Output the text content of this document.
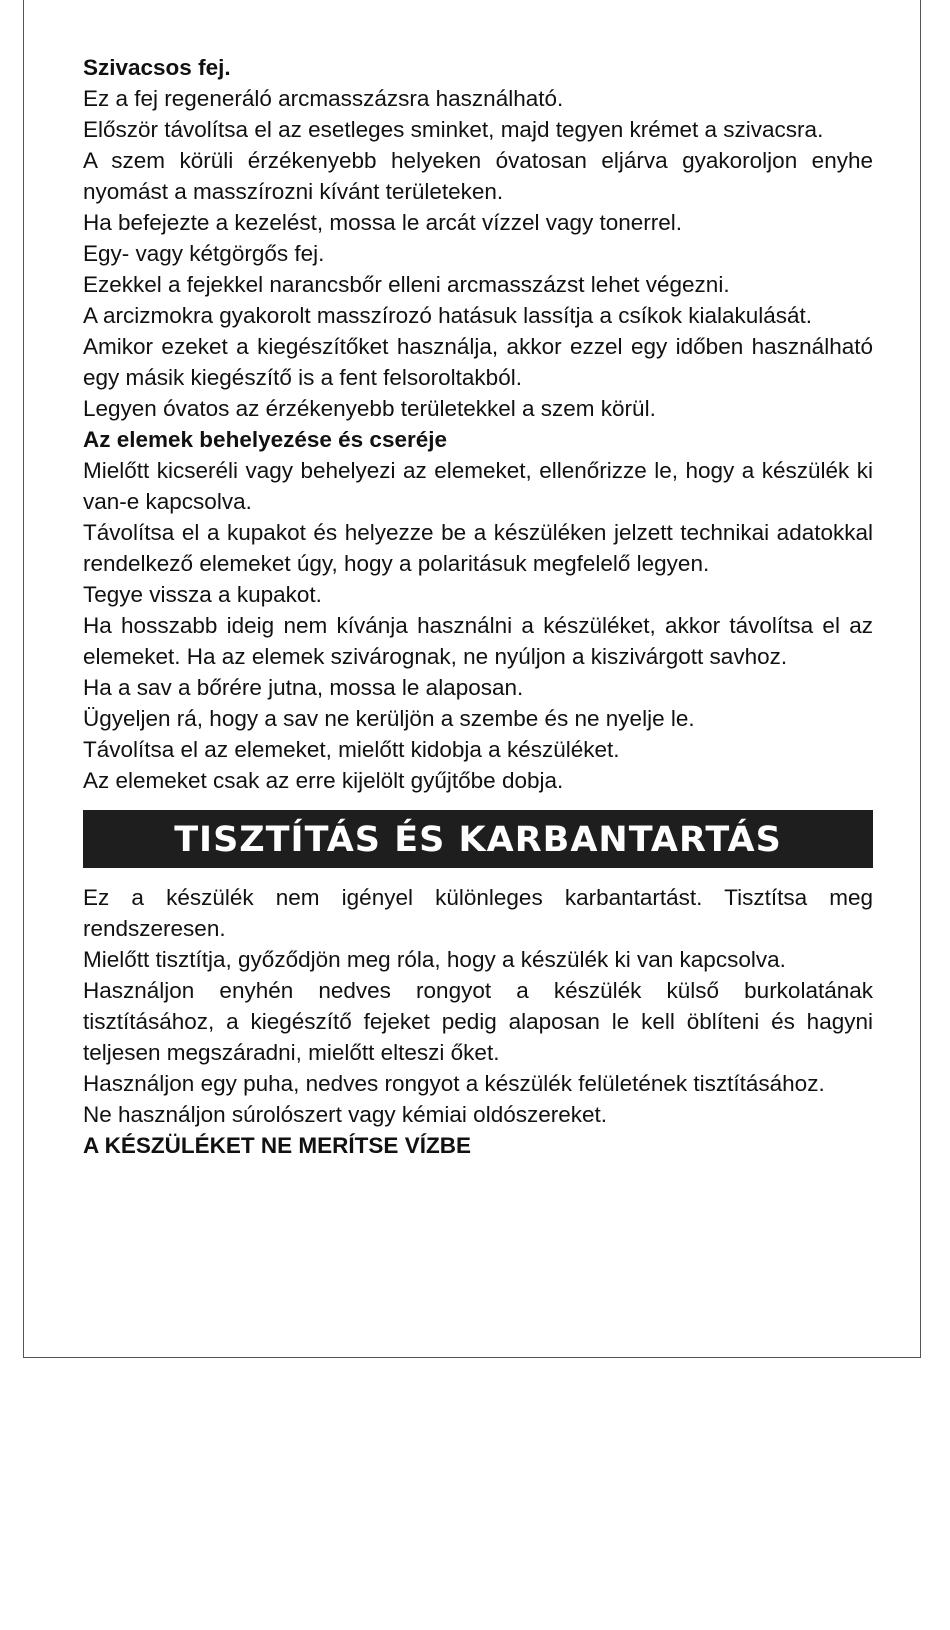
Szivacsos fej.

Ez a fej regeneráló arcmasszázsra használható.

Először távolítsa el az esetleges sminket, majd tegyen krémet a szivacsra.

A szem körüli érzékenyebb helyeken óvatosan eljárva gyakoroljon enyhe nyomást a masszírozni kívánt területeken.

Ha befejezte a kezelést, mossa le arcát vízzel vagy tonerrel.

Egy- vagy kétgörgős fej.

Ezekkel a fejekkel narancsbőr elleni arcmasszázst lehet végezni.

A arcizmokra gyakorolt masszírozó hatásuk lassítja a csíkok kialakulását.

Amikor ezeket a kiegészítőket használja, akkor ezzel egy időben használható egy másik kiegészítő is a fent felsoroltakból.

Legyen óvatos az érzékenyebb területekkel a szem körül.

Az elemek behelyezése és cseréje

Mielőtt kicseréli vagy behelyezi az elemeket, ellenőrizze le, hogy a készülék ki van-e kapcsolva.

Távolítsa el a kupakot és helyezze be a készüléken jelzett technikai adatokkal rendelkező elemeket úgy, hogy a polaritásuk megfelelő legyen.

Tegye vissza a kupakot.

Ha hosszabb ideig nem kívánja használni a készüléket, akkor távolítsa el az elemeket. Ha az elemek szivárognak, ne nyúljon a kiszivárgott savhoz.

Ha a sav a bőrére jutna, mossa le alaposan.

Ügyeljen rá, hogy a sav ne kerüljön a szembe és ne nyelje le.

Távolítsa el az elemeket, mielőtt kidobja a készüléket.

Az elemeket csak az erre kijelölt gyűjtőbe dobja.

TISZTÍTÁS ÉS KARBANTARTÁS

Ez a készülék nem igényel különleges karbantartást. Tisztítsa meg rendszeresen.

Mielőtt tisztítja, győződjön meg róla, hogy a készülék ki van kapcsolva.

Használjon enyhén nedves rongyot a készülék külső burkolatának tisztításához, a kiegészítő fejeket pedig alaposan le kell öblíteni és hagyni teljesen megszáradni, mielőtt elteszi őket.

Használjon egy puha, nedves rongyot a készülék felületének tisztításához.

Ne használjon súrolószert vagy kémiai oldószereket.

A KÉSZÜLÉKET NE MERÍTSE VÍZBE
